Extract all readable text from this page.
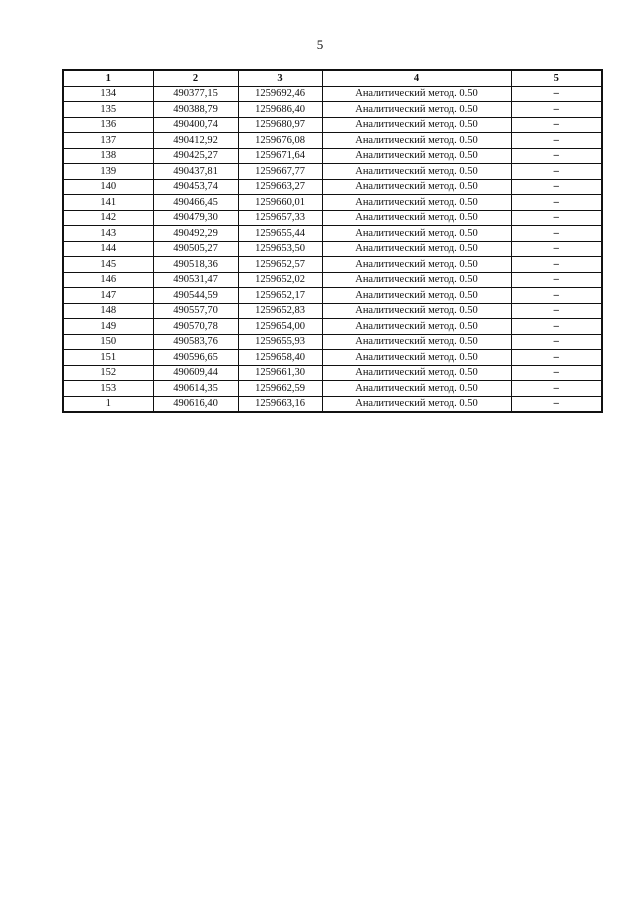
5
1	2	3	4	5
134	490377,15	1259692,46	Аналитический метод. 0.50	–
135	490388,79	1259686,40	Аналитический метод. 0.50	–
136	490400,74	1259680,97	Аналитический метод. 0.50	–
137	490412,92	1259676,08	Аналитический метод. 0.50	–
138	490425,27	1259671,64	Аналитический метод. 0.50	–
139	490437,81	1259667,77	Аналитический метод. 0.50	–
140	490453,74	1259663,27	Аналитический метод. 0.50	–
141	490466,45	1259660,01	Аналитический метод. 0.50	–
142	490479,30	1259657,33	Аналитический метод. 0.50	–
143	490492,29	1259655,44	Аналитический метод. 0.50	–
144	490505,27	1259653,50	Аналитический метод. 0.50	–
145	490518,36	1259652,57	Аналитический метод. 0.50	–
146	490531,47	1259652,02	Аналитический метод. 0.50	–
147	490544,59	1259652,17	Аналитический метод. 0.50	–
148	490557,70	1259652,83	Аналитический метод. 0.50	–
149	490570,78	1259654,00	Аналитический метод. 0.50	–
150	490583,76	1259655,93	Аналитический метод. 0.50	–
151	490596,65	1259658,40	Аналитический метод. 0.50	–
152	490609,44	1259661,30	Аналитический метод. 0.50	–
153	490614,35	1259662,59	Аналитический метод. 0.50	–
1	490616,40	1259663,16	Аналитический метод. 0.50	–
